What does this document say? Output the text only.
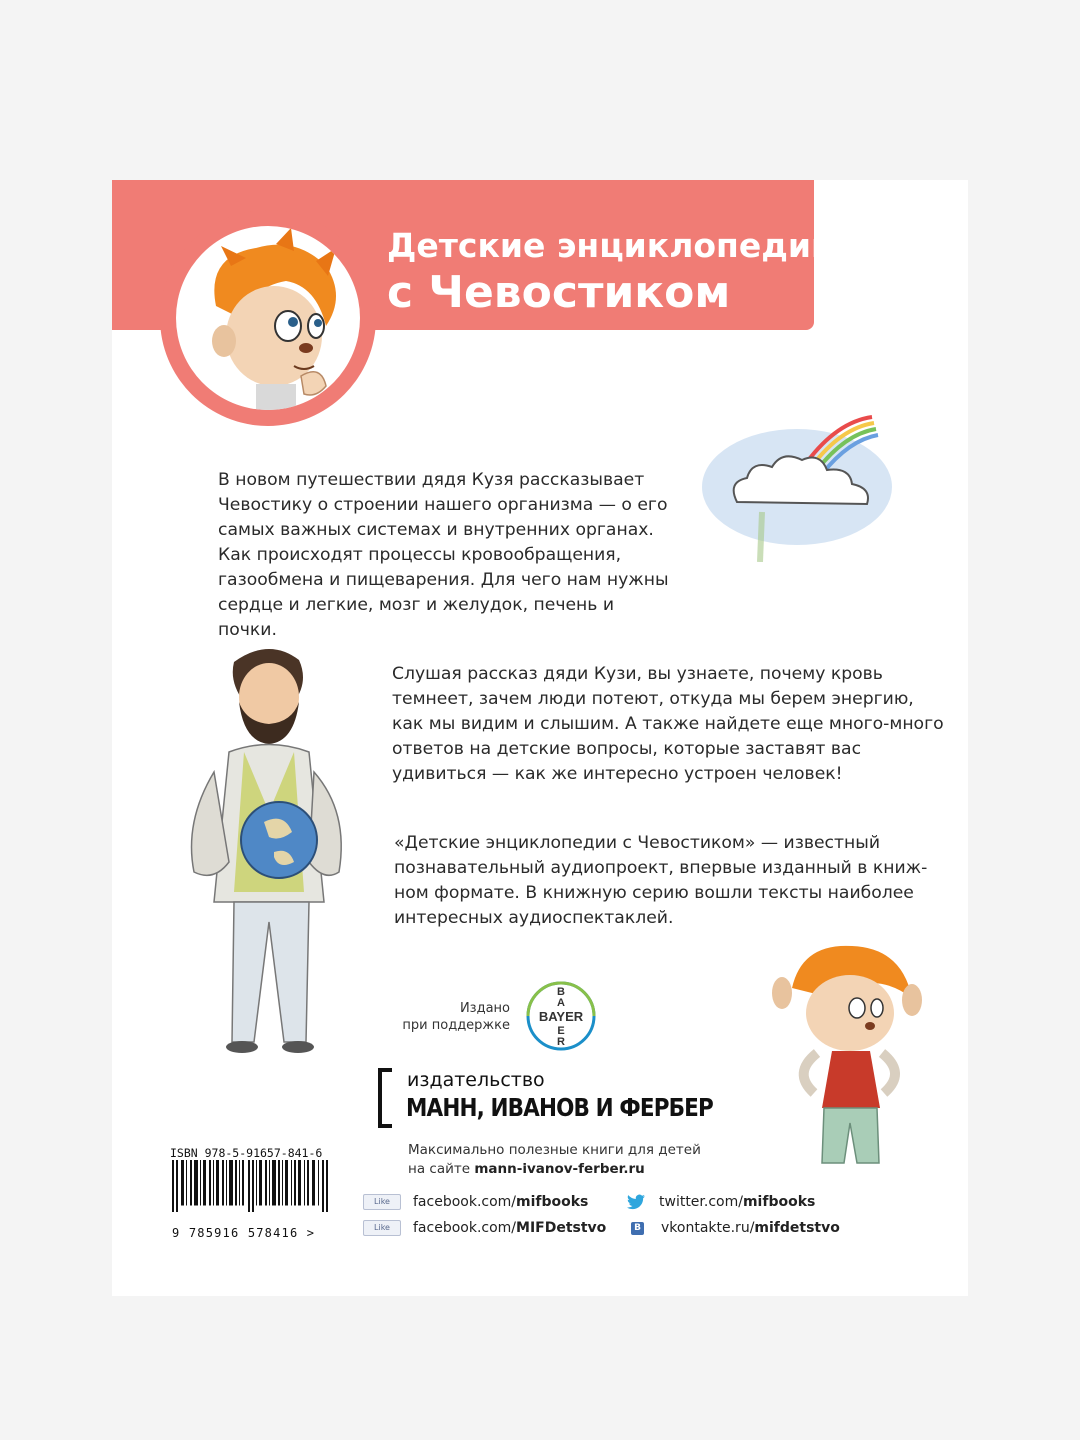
Детские энциклопедии
с Чевостиком

В новом путешествии дядя Кузя рассказывает
Чевостику о строении нашего организма — о его
самых важных системах и внутренних органах.
Как происходят процессы кровообращения,
газообмена и пищеварения. Для чего нам нужны
сердце и легкие, мозг и желудок, печень и почки.

Слушая рассказ дяди Кузи, вы узнаете, почему кровь
темнеет, зачем люди потеют, откуда мы берем энергию,
как мы видим и слышим. А также найдете еще много-много
ответов на детские вопросы, которые заставят вас
удивиться — как же интересно устроен человек!

«Детские энциклопедии с Чевостиком» — известный
познавательный аудиопроект, впервые изданный в книж-
ном формате. В книжную серию вошли тексты наиболее
интересных аудиоспектаклей.

Издано
при поддержке

BAYER
B
A
E
R

издательство

МАНН, ИВАНОВ И ФЕРБЕР

Максимально полезные книги для детей
на сайте mann-ivanov-ferber.ru

ISBN 978-5-91657-841-6

9 785916 578416 >

Like	facebook.com/ mifbooks
Like	facebook.com/ MIFDetstvo
twitter.com/ mifbooks
В vkontakte.ru/ mifdetstvo
